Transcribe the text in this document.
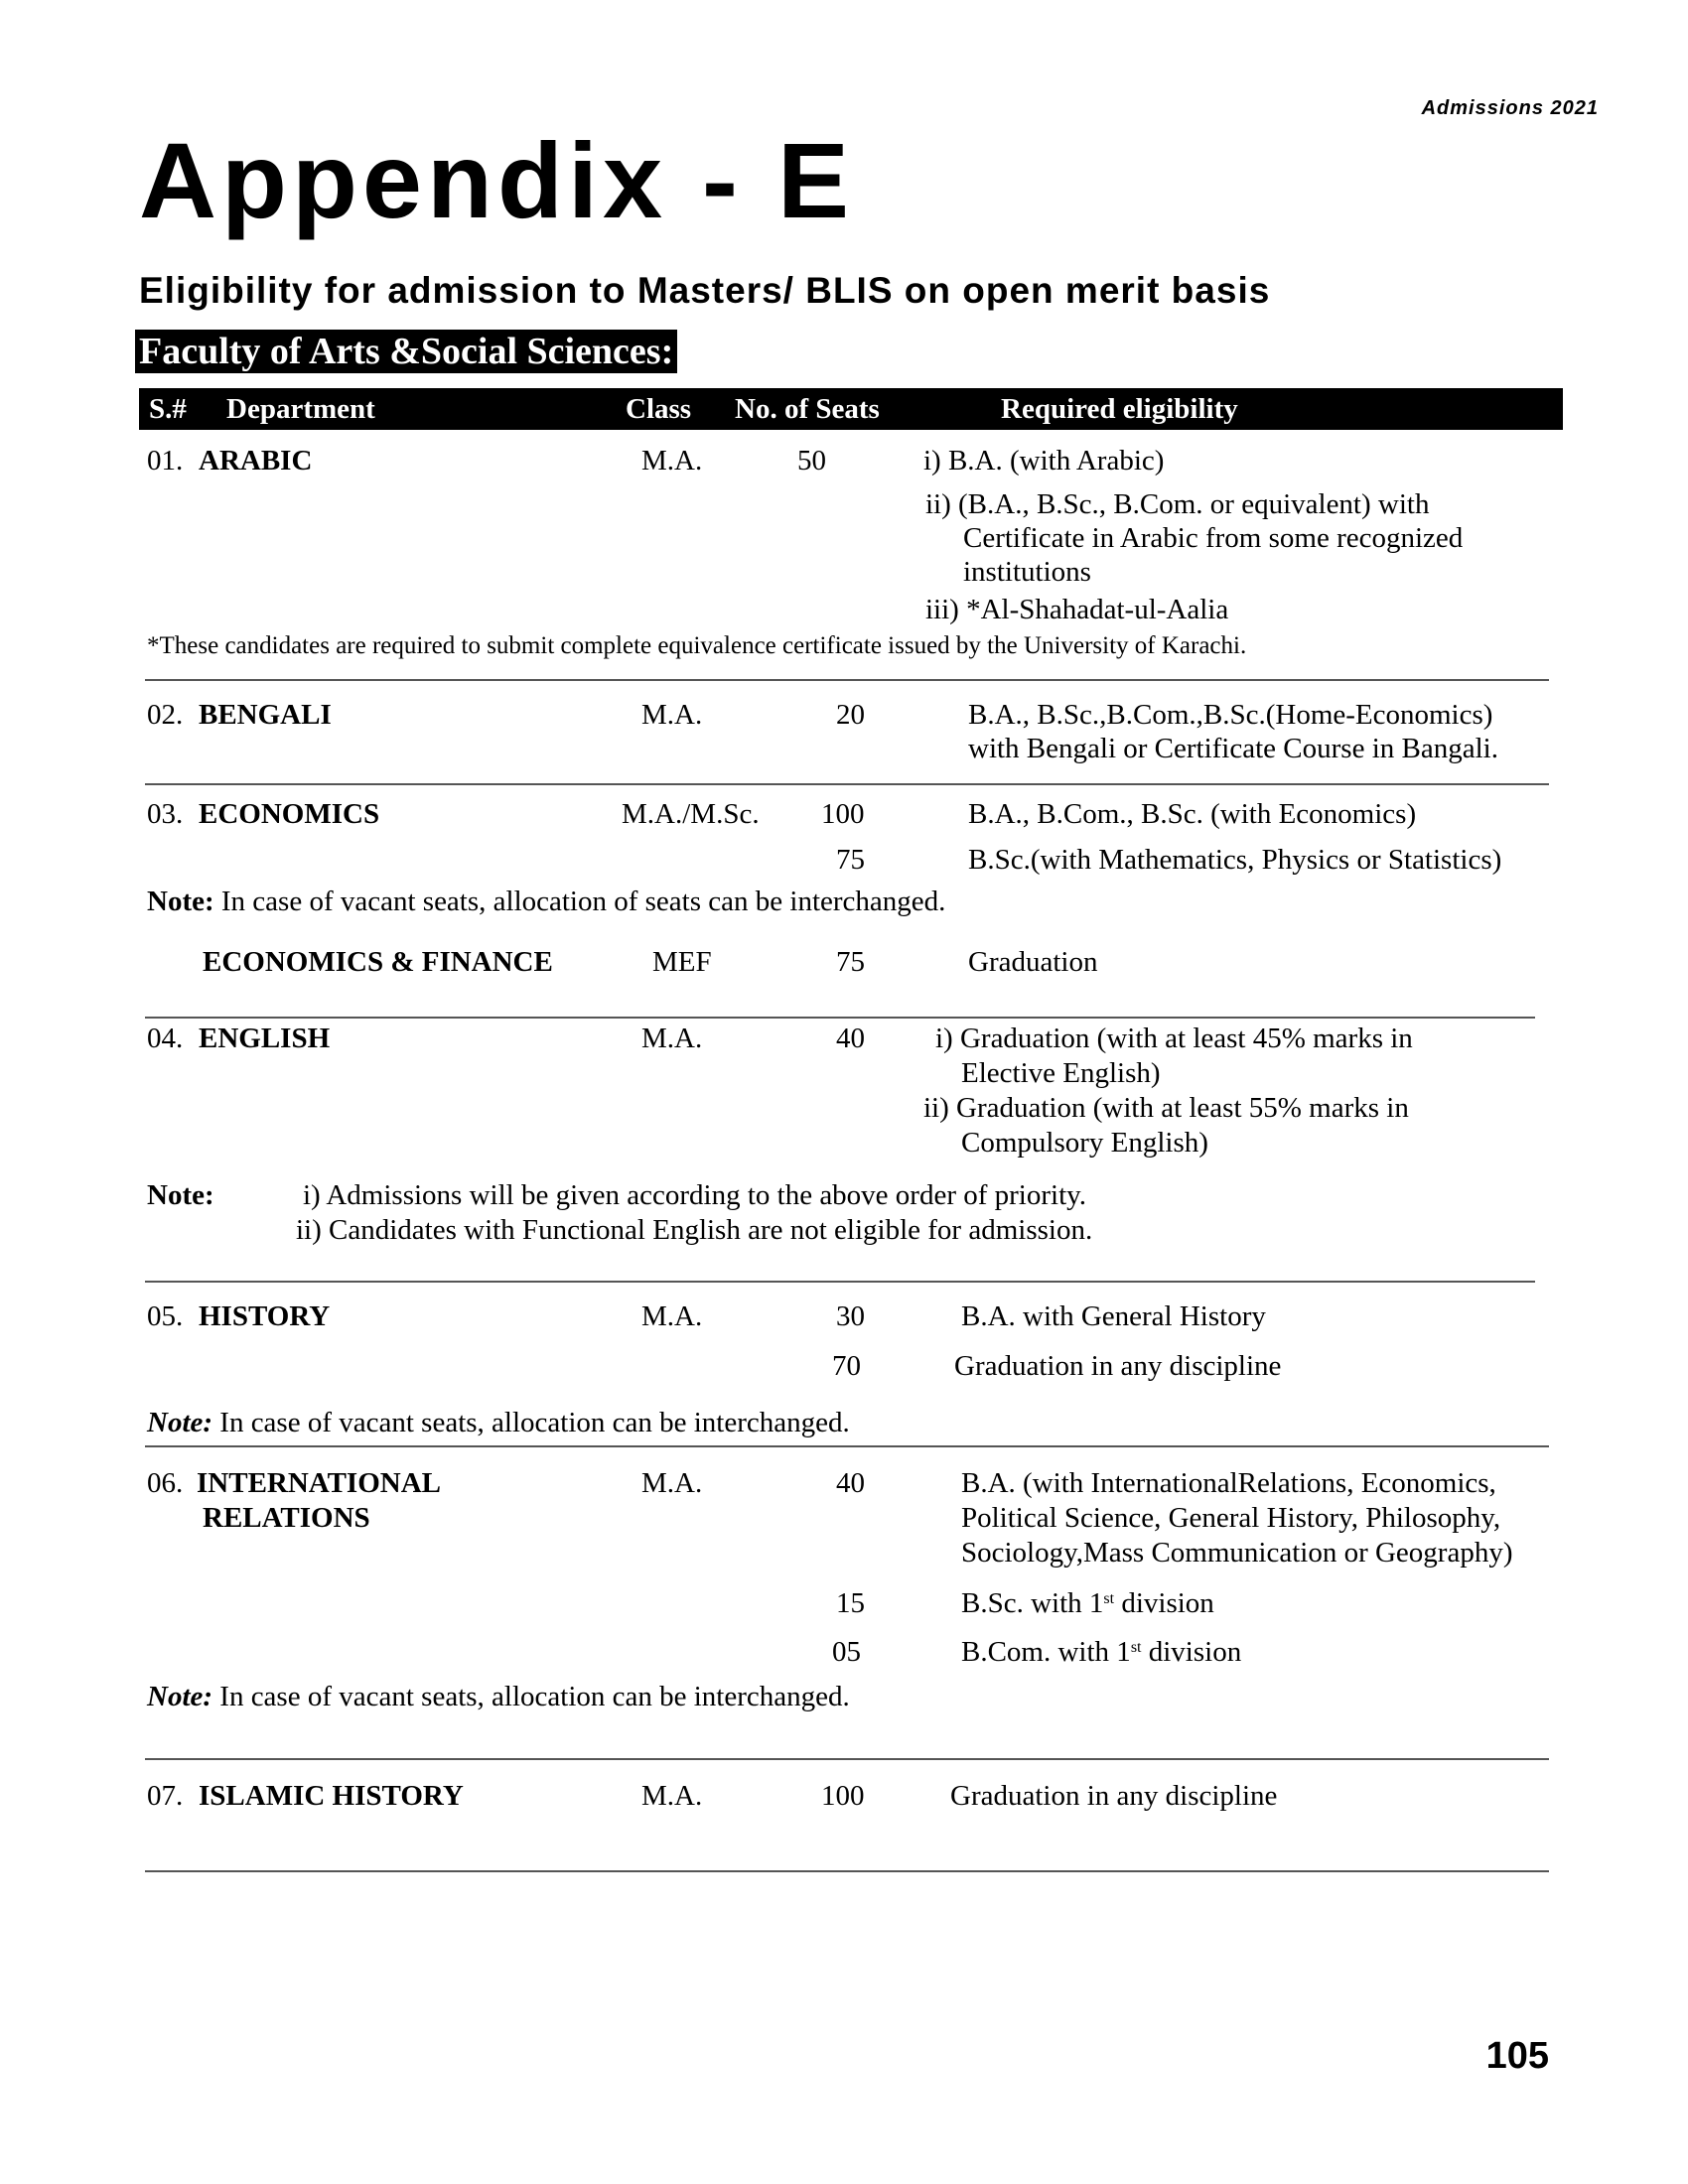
Admissions 2021
Appendix - E
Eligibility for admission to Masters/ BLIS on open merit basis
Faculty of Arts &Social Sciences:
S.# Department	Class No. of Seats	Required eligibility
01. ARABIC	M.A.	50	i) B.A. (with Arabic)
ii) (B.A., B.Sc., B.Com. or equivalent) with
Certificate in Arabic from some recognized
institutions
iii) *Al-Shahadat-ul-Aalia
*These candidates are required to submit complete equivalence certificate issued by the University of Karachi.
02. BENGALI	M.A.	20	B.A., B.Sc.,B.Com.,B.Sc.(Home-Economics)
with Bengali or Certificate Course in Bangali.
03. ECONOMICS	M.A./M.Sc. 100	B.A., B.Com., B.Sc. (with Economics)
75	B.Sc.(with Mathematics, Physics or Statistics)
Note: In case of vacant seats, allocation of seats can be interchanged.
ECONOMICS & FINANCE	MEF	75	Graduation
04. ENGLISH	M.A.	40 i) Graduation (with at least 45% marks in
Elective English)
ii) Graduation (with at least 55% marks in
Compulsory English)
Note:	i) Admissions will be given according to the above order of priority.
ii) Candidates with Functional English are not eligible for admission.
05. HISTORY	M.A.	30	B.A. with General History
70	Graduation in any discipline
Note: In case of vacant seats, allocation can be interchanged.
06. INTERNATIONAL
RELATIONS
M.A.	40	B.A. (with InternationalRelations, Economics,
Political Science, General History, Philosophy,
Sociology,Mass Communication or Geography)
15	B.Sc. with 1st division
05	B.Com. with 1st division
Note: In case of vacant seats, allocation can be interchanged.
07. ISLAMIC HISTORY	M.A.	100	Graduation in any discipline
105
